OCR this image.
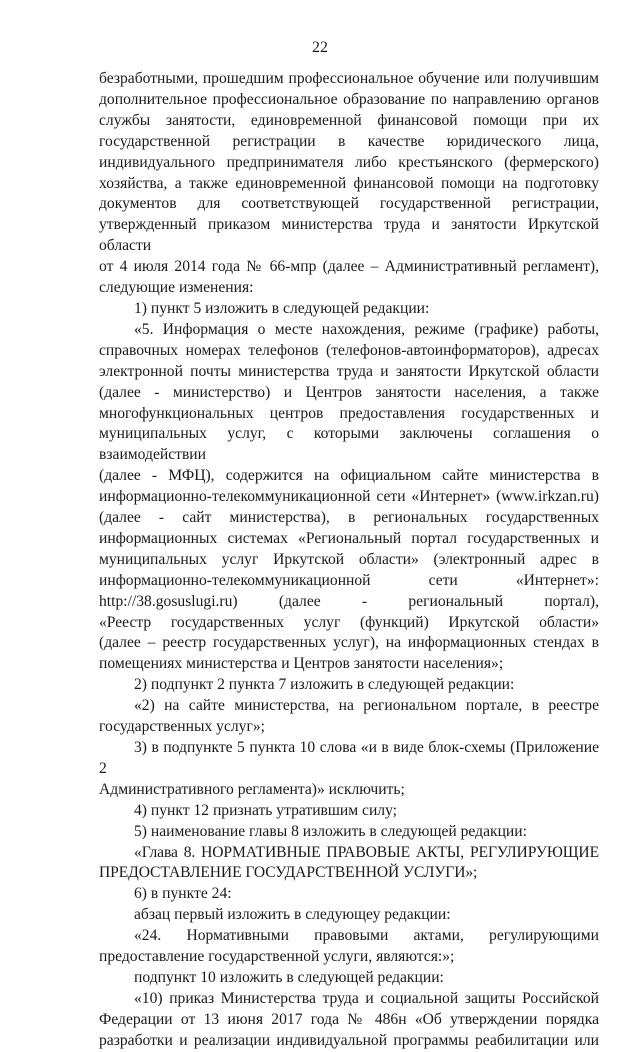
22

безработными, прошедшим профессиональное обучение или получившим

дополнительное профессиональное образование по направлению органов

службы занятости, единовременной финансовой помощи при их

государственной регистрации в качестве юридического лица,

индивидуального предпринимателя либо крестьянского (фермерского)

хозяйства, а также единовременной финансовой помощи на подготовку

документов для соответствующей государственной регистрации,

утвержденный приказом министерства труда и занятости Иркутской области

от 4 июля 2014 года № 66-мпр (далее – Административный регламент),

следующие изменения:

1) пункт 5 изложить в следующей редакции:

«5. Информация о месте нахождения, режиме (графике) работы,

справочных номерах телефонов (телефонов-автоинформаторов), адресах

электронной почты министерства труда и занятости Иркутской области

(далее - министерство) и Центров занятости населения, а также

многофункциональных центров предоставления государственных и

муниципальных услуг, с которыми заключены соглашения о взаимодействии

(далее - МФЦ), содержится на официальном сайте министерства в

информационно-телекоммуникационной сети «Интернет» (www.irkzan.ru)

(далее - сайт министерства), в региональных государственных

информационных системах «Региональный портал государственных и

муниципальных услуг Иркутской области» (электронный адрес в

информационно-телекоммуникационной сети «Интернет»:

http://38.gosuslugi.ru) (далее - региональный портал),

«Реестр государственных услуг (функций) Иркутской области»

(далее – реестр государственных услуг), на информационных стендах в

помещениях министерства и Центров занятости населения»;

2) подпункт 2 пункта 7 изложить в следующей редакции:

«2) на сайте министерства, на региональном портале, в реестре

государственных услуг»;

3) в подпункте 5 пункта 10 слова «и в виде блок-схемы (Приложение 2

Административного регламента)» исключить;

4) пункт 12 признать утратившим силу;

5) наименование главы 8 изложить в следующей редакции:

«Глава 8. НОРМАТИВНЫЕ ПРАВОВЫЕ АКТЫ, РЕГУЛИРУЮЩИЕ

ПРЕДОСТАВЛЕНИЕ ГОСУДАРСТВЕННОЙ УСЛУГИ»;

6) в пункте 24:

абзац первый изложить в следующеу редакции:

«24. Нормативными правовыми актами, регулирующими

предоставление государственной услуги, являются:»;

подпункт 10 изложить в следующей редакции:

«10) приказ Министерства труда и социальной защиты Российской

Федерации от 13 июня 2017 года № 486н «Об утверждении порядка

разработки и реализации индивидуальной программы реабилитации или
